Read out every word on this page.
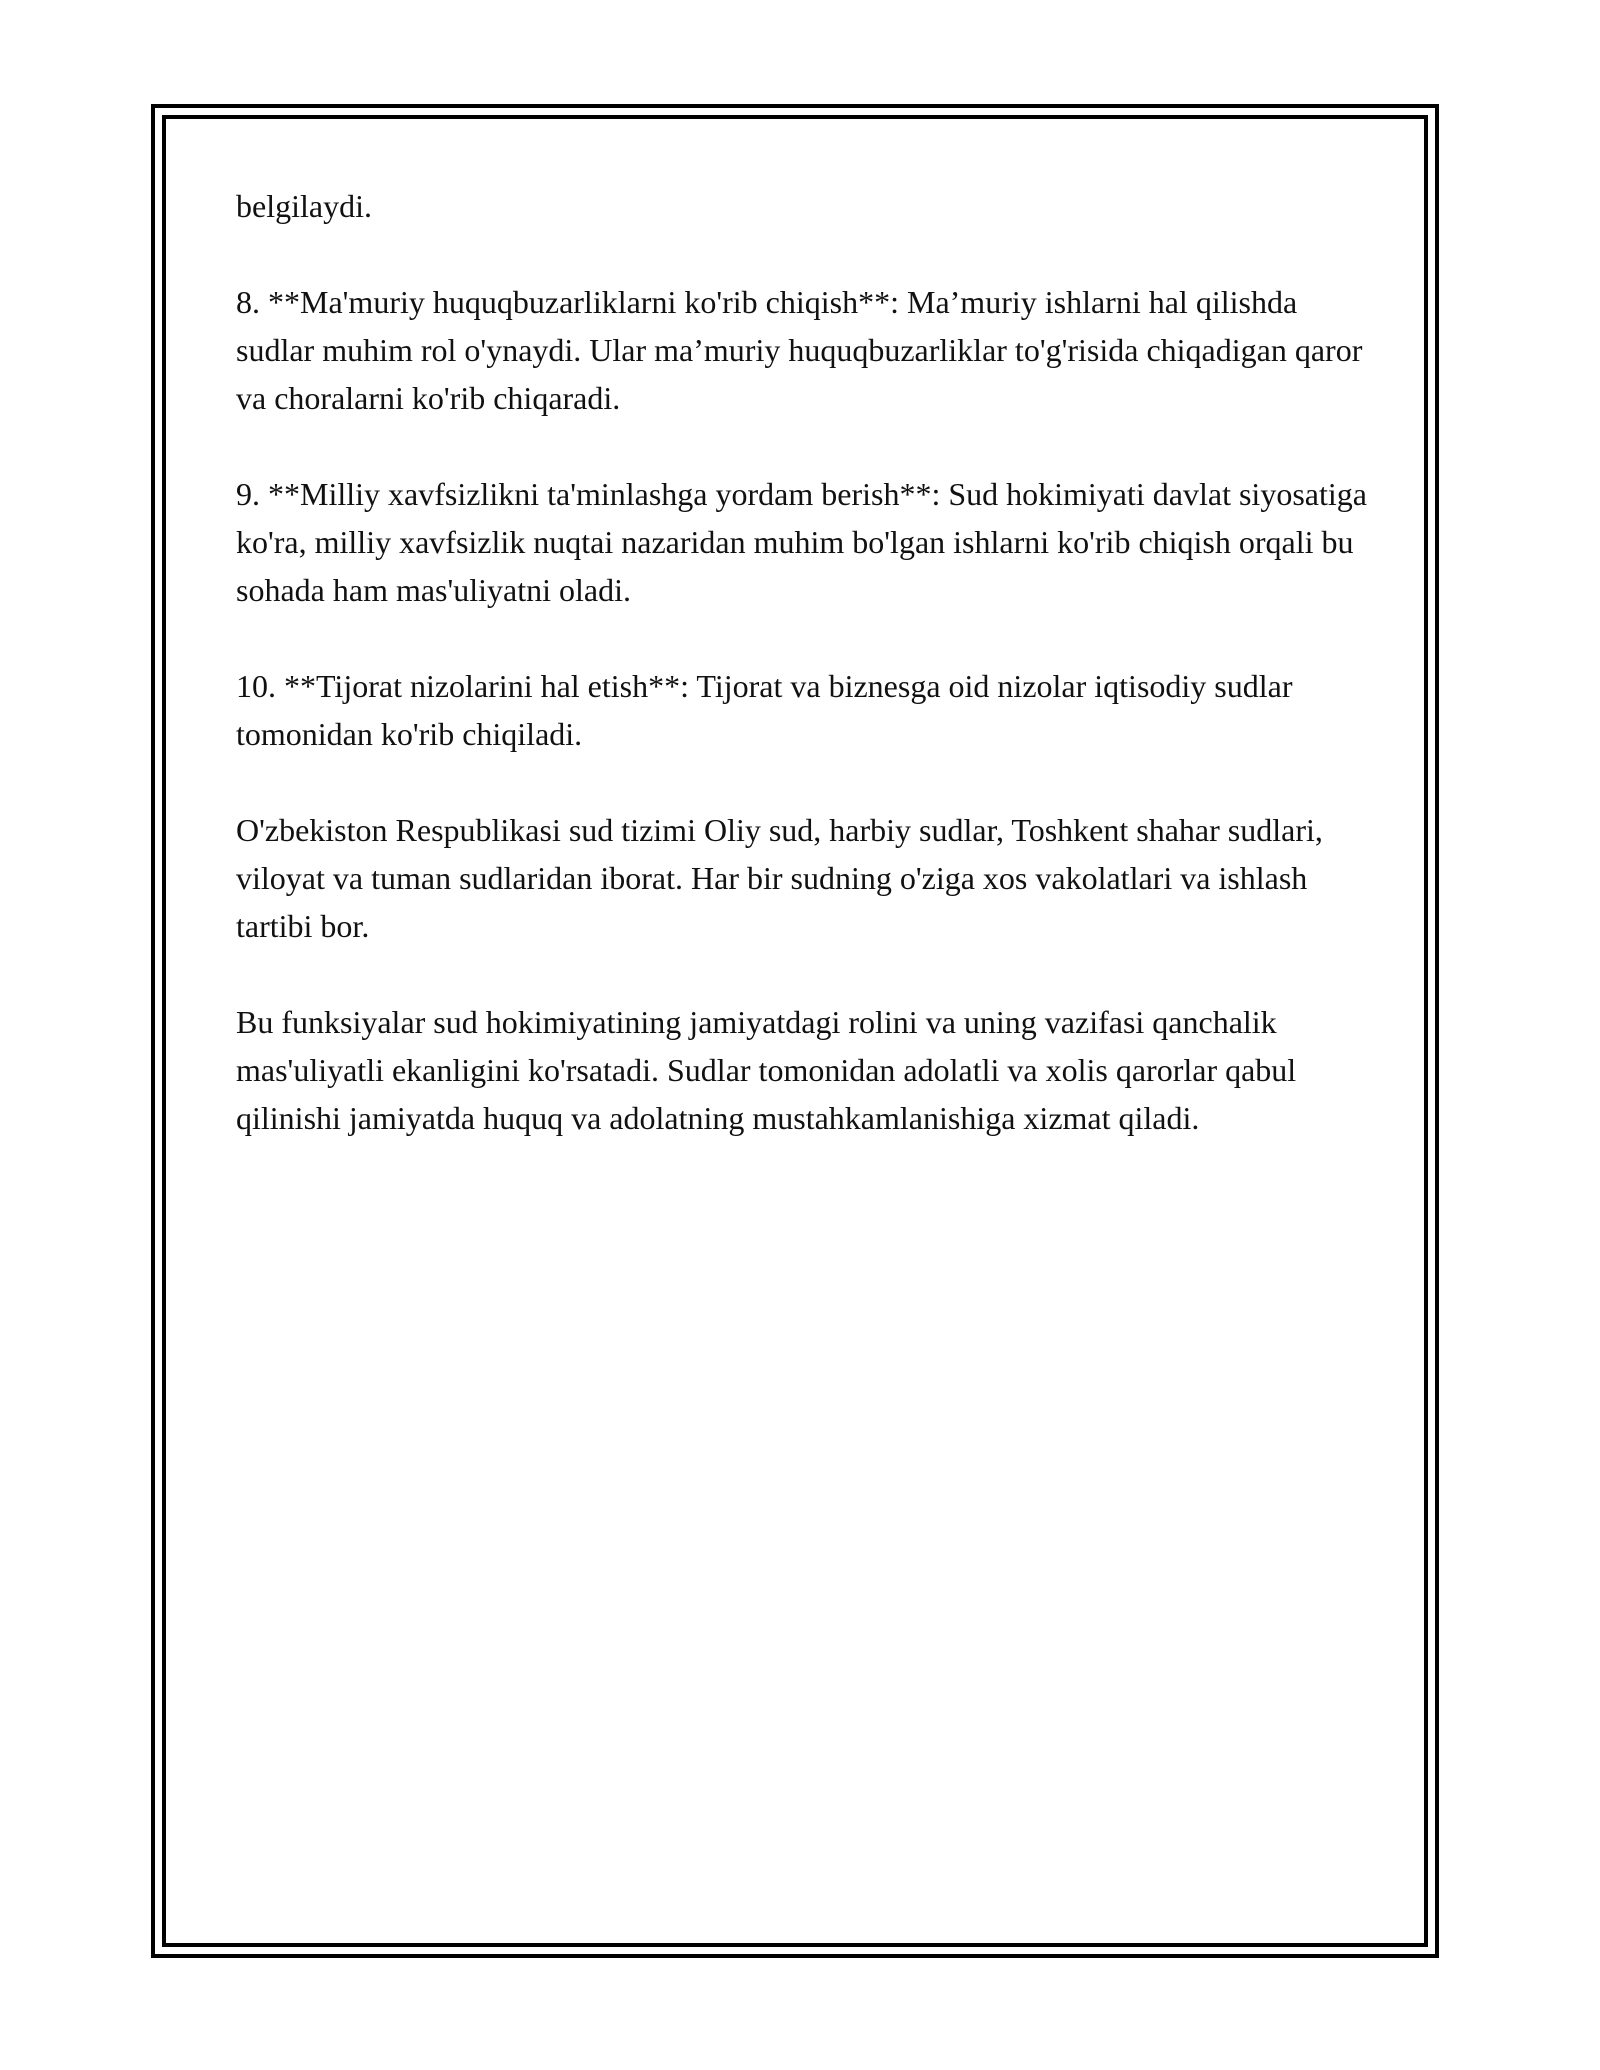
belgilaydi.

8. **Ma'muriy huquqbuzarliklarni ko'rib chiqish**: Ma’muriy ishlarni hal qilishda sudlar muhim rol o'ynaydi. Ular ma’muriy huquqbuzarliklar to'g'risida chiqadigan qaror va choralarni ko'rib chiqaradi.

9. **Milliy xavfsizlikni ta'minlashga yordam berish**: Sud hokimiyati davlat siyosatiga ko'ra, milliy xavfsizlik nuqtai nazaridan muhim bo'lgan ishlarni ko'rib chiqish orqali bu sohada ham mas'uliyatni oladi.

10. **Tijorat nizolarini hal etish**: Tijorat va biznesga oid nizolar iqtisodiy sudlar tomonidan ko'rib chiqiladi.

O'zbekiston Respublikasi sud tizimi Oliy sud, harbiy sudlar, Toshkent shahar sudlari, viloyat va tuman sudlaridan iborat. Har bir sudning o'ziga xos vakolatlari va ishlash tartibi bor.

Bu funksiyalar sud hokimiyatining jamiyatdagi rolini va uning vazifasi qanchalik mas'uliyatli ekanligini ko'rsatadi. Sudlar tomonidan adolatli va xolis qarorlar qabul qilinishi jamiyatda huquq va adolatning mustahkamlanishiga xizmat qiladi.
